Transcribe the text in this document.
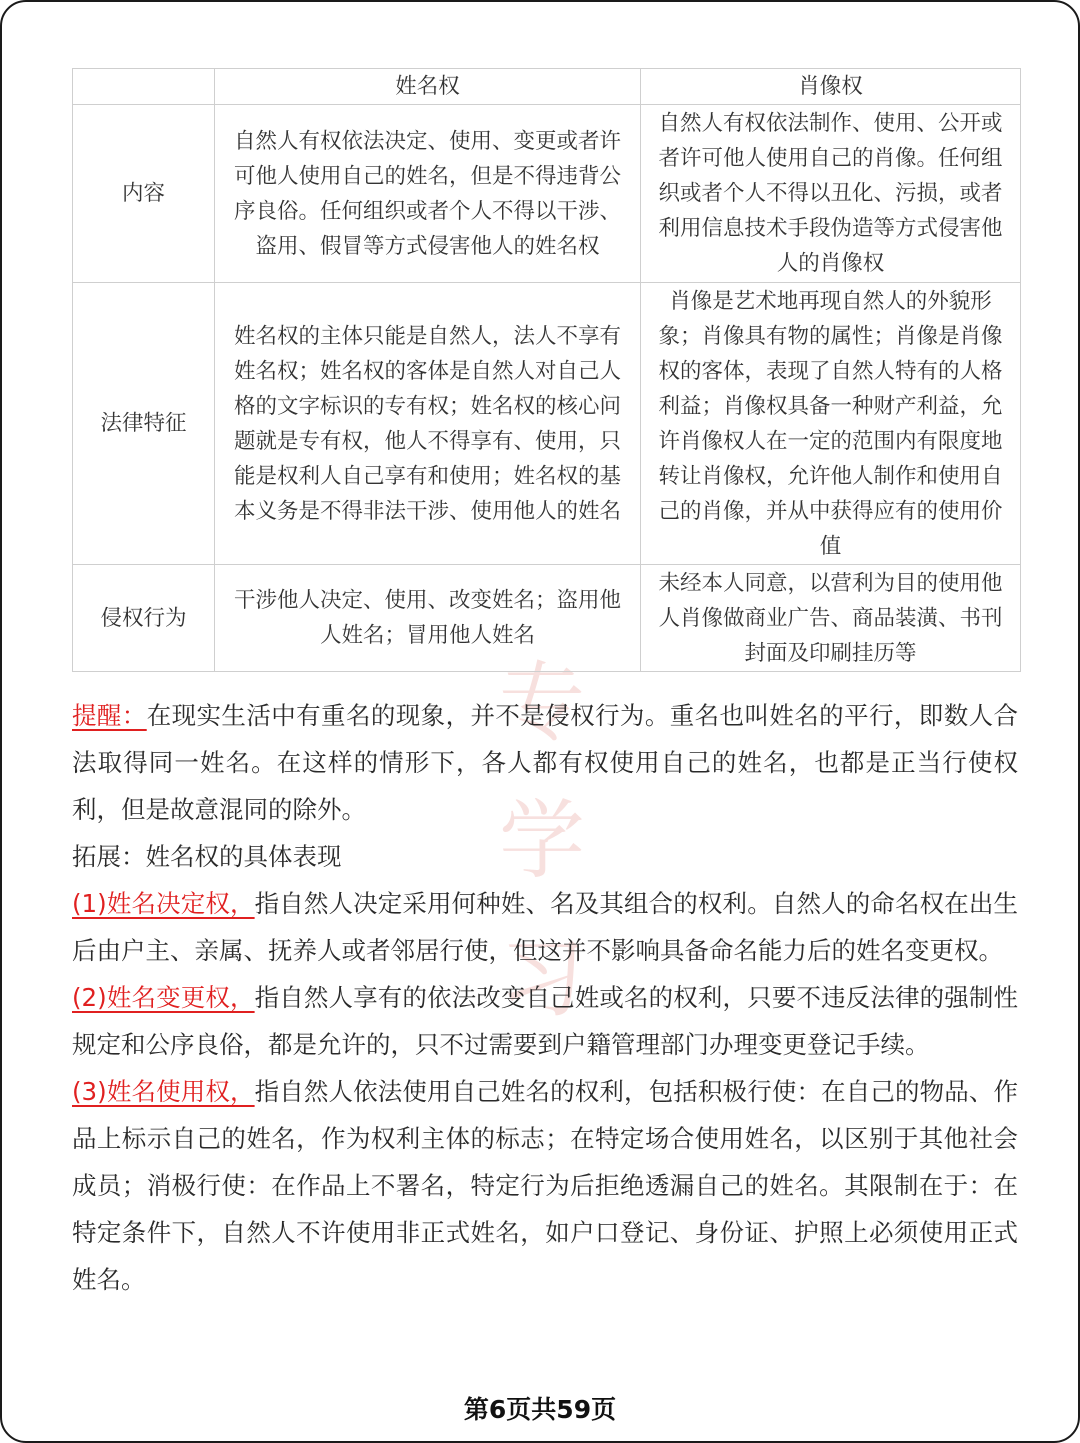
专
学
习
	姓名权	肖像权
内容	自然人有权依法决定、使用、变更或者许可他人使用自己的姓名，但是不得违背公序良俗。任何组织或者个人不得以干涉、盗用、假冒等方式侵害他人的姓名权	自然人有权依法制作、使用、公开或者许可他人使用自己的肖像。任何组织或者个人不得以丑化、污损，或者利用信息技术手段伪造等方式侵害他人的肖像权
法律特征	姓名权的主体只能是自然人，法人不享有姓名权；姓名权的客体是自然人对自己人格的文字标识的专有权；姓名权的核心问题就是专有权，他人不得享有、使用，只能是权利人自己享有和使用；姓名权的基本义务是不得非法干涉、使用他人的姓名	肖像是艺术地再现自然人的外貌形象；肖像具有物的属性；肖像是肖像权的客体，表现了自然人特有的人格利益；肖像权具备一种财产利益，允许肖像权人在一定的范围内有限度地转让肖像权，允许他人制作和使用自己的肖像，并从中获得应有的使用价值
侵权行为	干涉他人决定、使用、改变姓名；盗用他人姓名；冒用他人姓名	未经本人同意，以营利为目的使用他人肖像做商业广告、商品装潢、书刊封面及印刷挂历等

提醒：在现实生活中有重名的现象，并不是侵权行为。重名也叫姓名的平行，即数人合法取得同一姓名。在这样的情形下，各人都有权使用自己的姓名，也都是正当行使权利，但是故意混同的除外。

拓展：姓名权的具体表现

(1)姓名决定权，指自然人决定采用何种姓、名及其组合的权利。自然人的命名权在出生后由户主、亲属、抚养人或者邻居行使，但这并不影响具备命名能力后的姓名变更权。

(2)姓名变更权，指自然人享有的依法改变自己姓或名的权利，只要不违反法律的强制性规定和公序良俗，都是允许的，只不过需要到户籍管理部门办理变更登记手续。

(3)姓名使用权，指自然人依法使用自己姓名的权利，包括积极行使：在自己的物品、作品上标示自己的姓名，作为权利主体的标志；在特定场合使用姓名，以区别于其他社会成员；消极行使：在作品上不署名，特定行为后拒绝透漏自己的姓名。其限制在于：在特定条件下，自然人不许使用非正式姓名，如户口登记、身份证、护照上必须使用正式姓名。

第6页共59页
